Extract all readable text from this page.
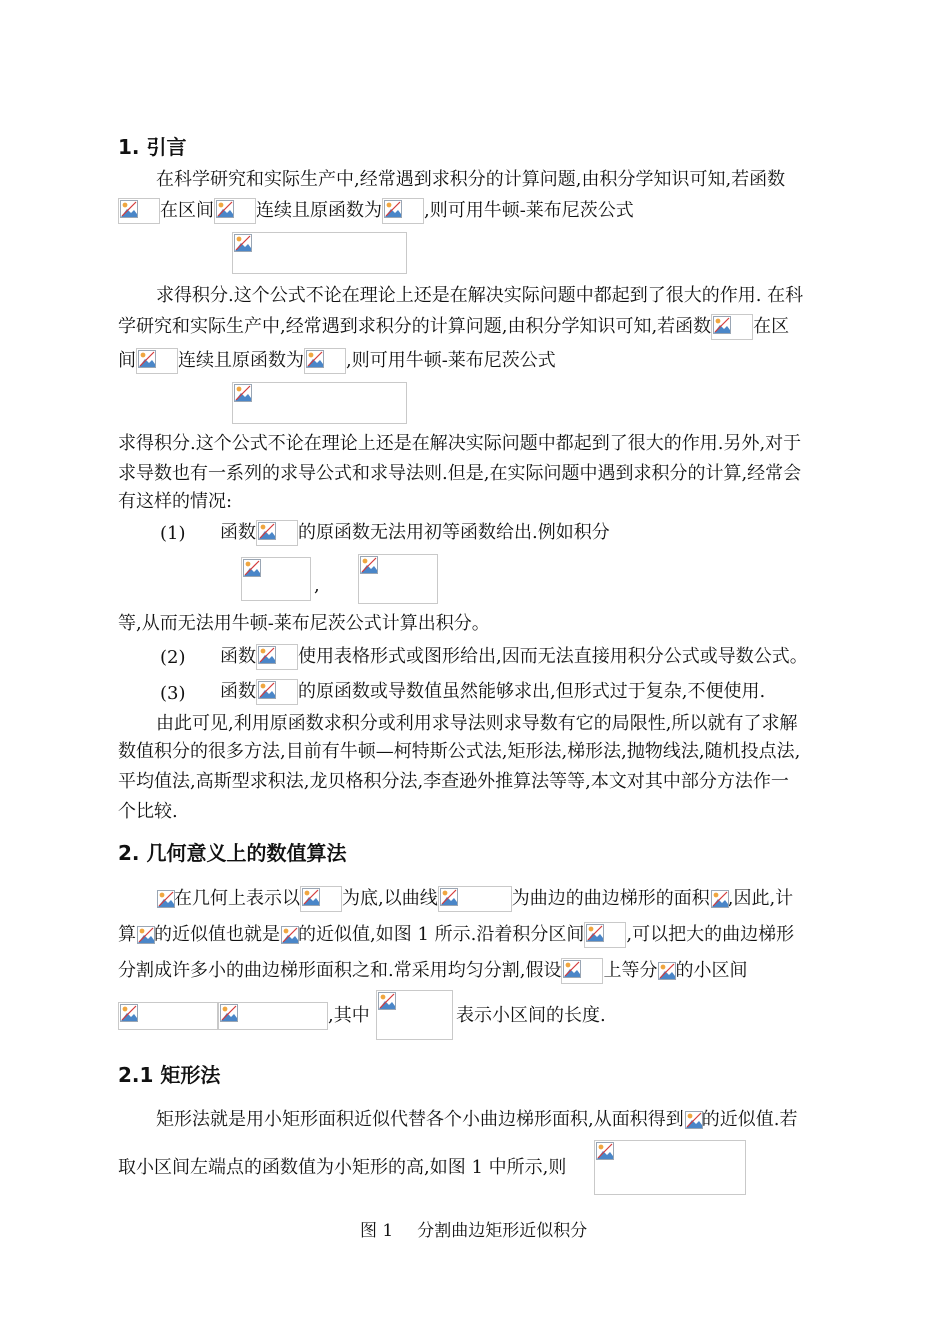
1. 引言
在科学研究和实际生产中,经常遇到求积分的计算问题,由积分学知识可知,若函数
在区间 连续且原函数为 ,则可用牛顿-莱布尼茨公式
求得积分.这个公式不论在理论上还是在解决实际问题中都起到了很大的作用. 在科
学研究和实际生产中,经常遇到求积分的计算问题,由积分学知识可知,若函数 在区
间 连续且原函数为 ,则可用牛顿-莱布尼茨公式
求得积分.这个公式不论在理论上还是在解决实际问题中都起到了很大的作用.另外,对于
求导数也有一系列的求导公式和求导法则.但是,在实际问题中遇到求积分的计算,经常会
有这样的情况:
(1) 函数 的原函数无法用初等函数给出.例如积分
,
等,从而无法用牛顿-莱布尼茨公式计算出积分。
(2) 函数 使用表格形式或图形给出,因而无法直接用积分公式或导数公式。
(3) 函数 的原函数或导数值虽然能够求出,但形式过于复杂,不便使用.
由此可见,利用原函数求积分或利用求导法则求导数有它的局限性,所以就有了求解
数值积分的很多方法,目前有牛顿—柯特斯公式法,矩形法,梯形法,抛物线法,随机投点法,
平均值法,高斯型求积法,龙贝格积分法,李查逊外推算法等等,本文对其中部分方法作一
个比较.
2. 几何意义上的数值算法
在几何上表示以 为底,以曲线	为曲边的曲边梯形的面积 ,因此,计
算 的近似值也就是 的近似值,如图 1 所示.沿着积分区间 ,可以把大的曲边梯形
分割成许多小的曲边梯形面积之和.常采用均匀分割,假设 上等分 的小区间
,其中	表示小区间的长度.
2.1 矩形法
矩形法就是用小矩形面积近似代替各个小曲边梯形面积,从面积得到 的近似值.若
取小区间左端点的函数值为小矩形的高,如图 1 中所示,则
图 1 分割曲边矩形近似积分
